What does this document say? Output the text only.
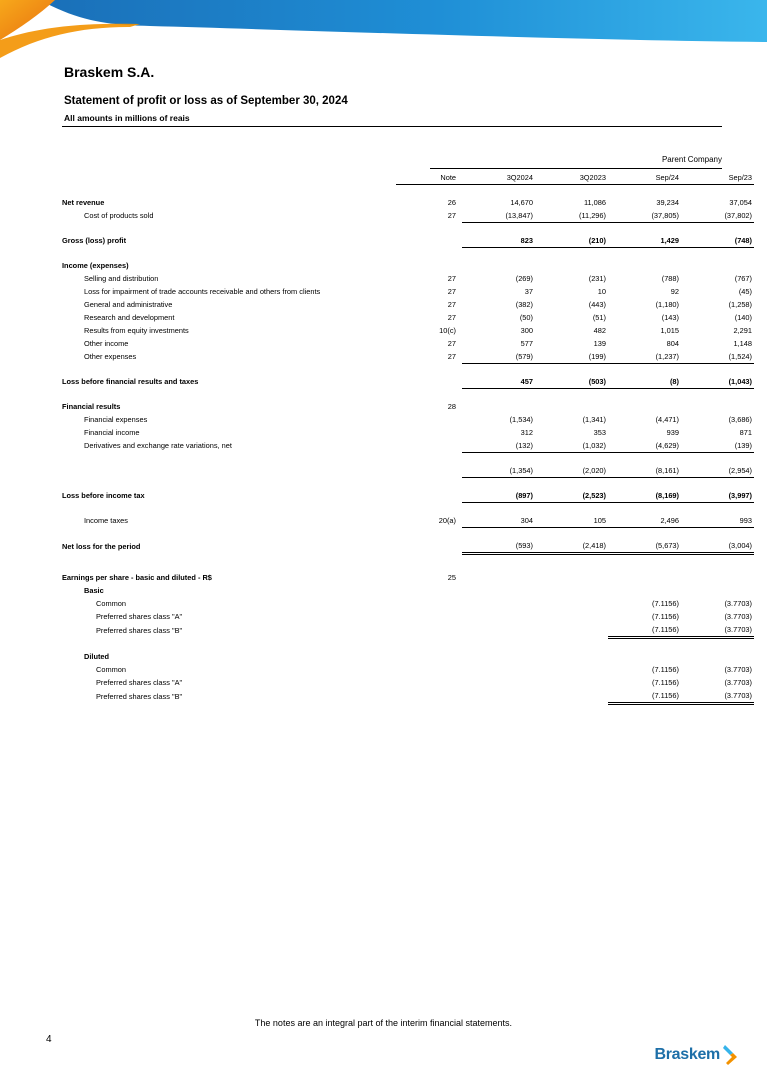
Braskem S.A.
Statement of profit or loss as of September 30, 2024
All amounts in millions of reais
Parent Company
	Note	3Q2024	3Q2023	Sep/24	Sep/23

Net revenue	26	14,670	11,086	39,234	37,054
Cost of products sold	27	(13,847)	(11,296)	(37,805)	(37,802)

Gross (loss) profit		823	(210)	1,429	(748)

Income (expenses)					
Selling and distribution	27	(269)	(231)	(788)	(767)
Loss for impairment of trade accounts receivable and others from clients	27	37	10	92	(45)
General and administrative	27	(382)	(443)	(1,180)	(1,258)
Research and development	27	(50)	(51)	(143)	(140)
Results from equity investments	10(c)	300	482	1,015	2,291
Other income	27	577	139	804	1,148
Other expenses	27	(579)	(199)	(1,237)	(1,524)

Loss before financial results and taxes		457	(503)	(8)	(1,043)

Financial results	28				
Financial expenses		(1,534)	(1,341)	(4,471)	(3,686)
Financial income		312	353	939	871
Derivatives and exchange rate variations, net		(132)	(1,032)	(4,629)	(139)

		(1,354)	(2,020)	(8,161)	(2,954)

Loss before income tax		(897)	(2,523)	(8,169)	(3,997)

Income taxes	20(a)	304	105	2,496	993

Net loss for the period		(593)	(2,418)	(5,673)	(3,004)

Earnings per share - basic and diluted - R$	25				
Basic					
Common				(7.1156)	(3.7703)
Preferred shares class "A"				(7.1156)	(3.7703)
Preferred shares class "B"				(7.1156)	(3.7703)

Diluted					
Common				(7.1156)	(3.7703)
Preferred shares class "A"				(7.1156)	(3.7703)
Preferred shares class "B"				(7.1156)	(3.7703)
The notes are an integral part of the interim financial statements.
4
Braskem
